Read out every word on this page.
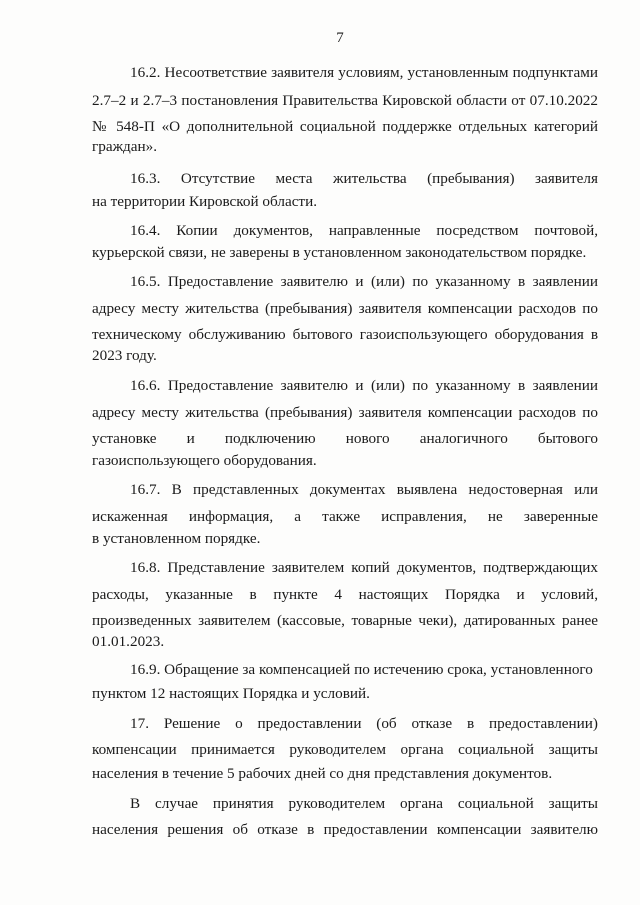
7
16.2. Несоответствие заявителя условиям, установленным подпунктами
2.7–2 и 2.7–3 постановления Правительства Кировской области от 07.10.2022
№ 548-П «О дополнительной социальной поддержке отдельных категорий
граждан».
16.3. Отсутствие места жительства (пребывания) заявителя
на территории Кировской области.
16.4. Копии документов, направленные посредством почтовой,
курьерской связи, не заверены в установленном законодательством порядке.
16.5. Предоставление заявителю и (или) по указанному в заявлении
адресу месту жительства (пребывания) заявителя компенсации расходов по
техническому обслуживанию бытового газоиспользующего оборудования в
2023 году.
16.6. Предоставление заявителю и (или) по указанному в заявлении
адресу месту жительства (пребывания) заявителя компенсации расходов по
установке и подключению нового аналогичного бытового
газоиспользующего оборудования.
16.7. В представленных документах выявлена недостоверная или
искаженная информация, а также исправления, не заверенные
в установленном порядке.
16.8. Представление заявителем копий документов, подтверждающих
расходы, указанные в пункте 4 настоящих Порядка и условий,
произведенных заявителем (кассовые, товарные чеки), датированных ранее
01.01.2023.
16.9. Обращение за компенсацией по истечению срока, установленного
пунктом 12 настоящих Порядка и условий.
17. Решение о предоставлении (об отказе в предоставлении)
компенсации принимается руководителем органа социальной защиты
населения в течение 5 рабочих дней со дня представления документов.
В случае принятия руководителем органа социальной защиты
населения решения об отказе в предоставлении компенсации заявителю
